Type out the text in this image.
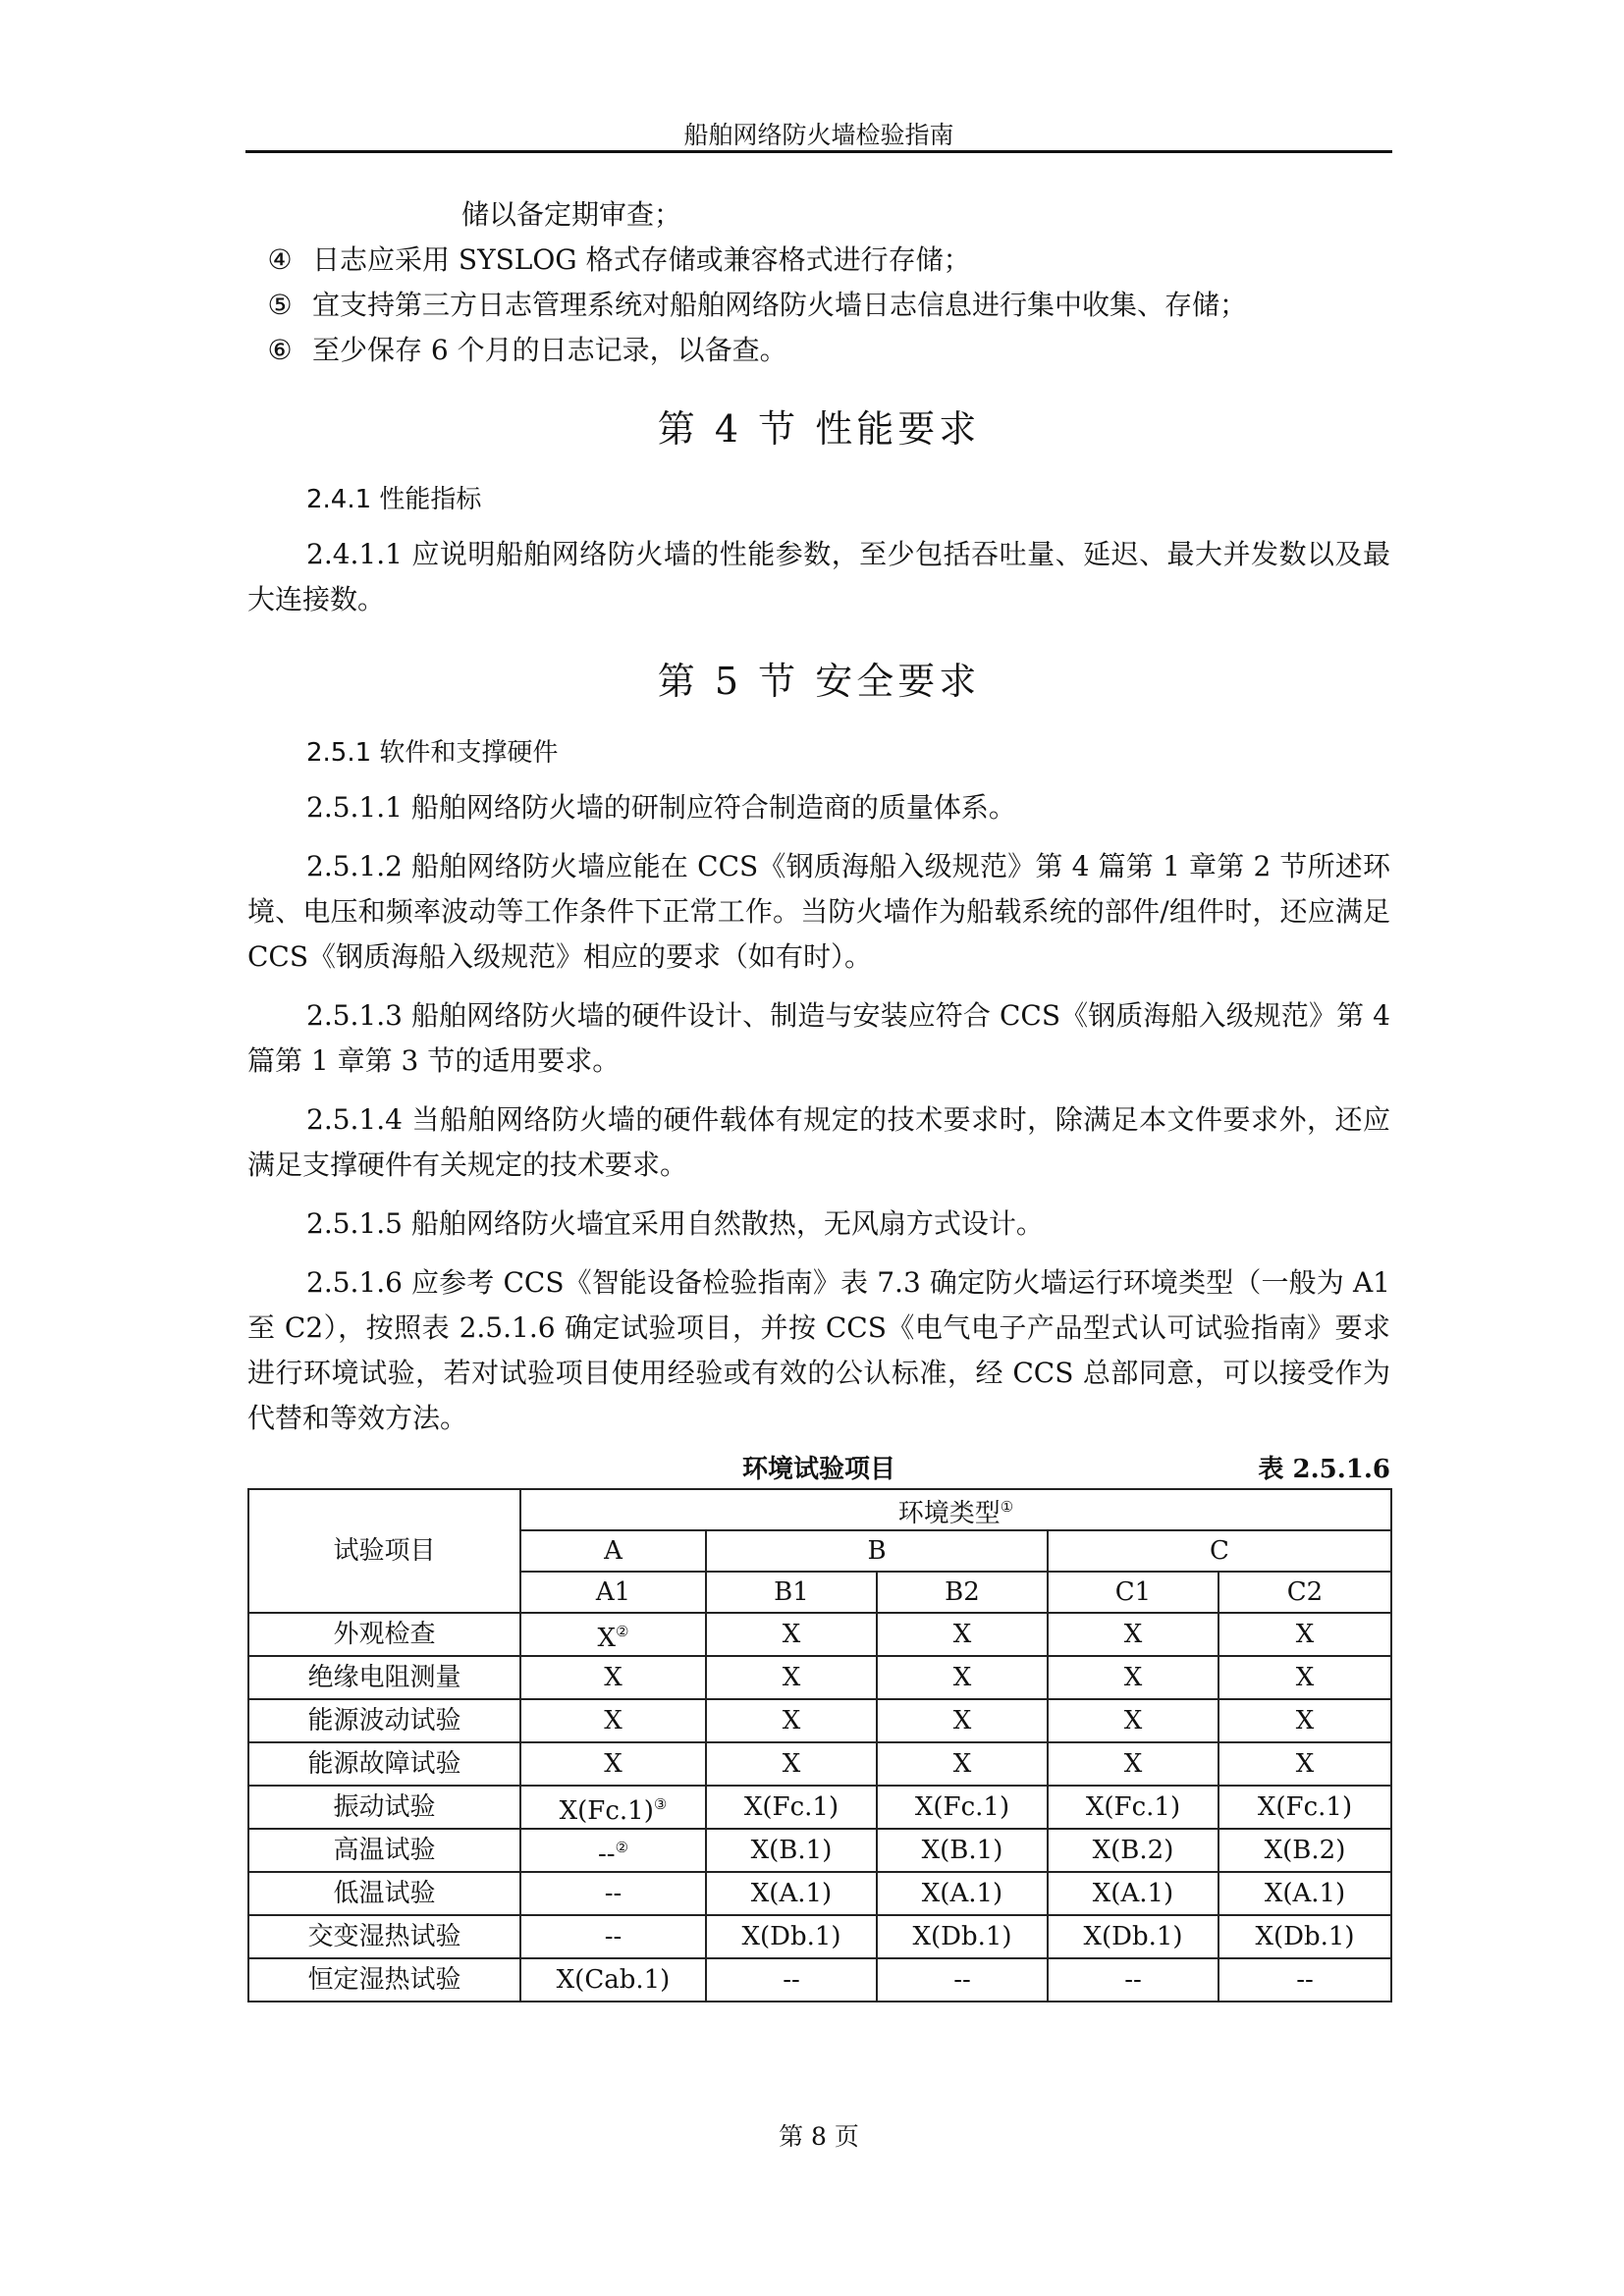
船舶网络防火墙检验指南
储以备定期审查；
④ 日志应采用 SYSLOG 格式存储或兼容格式进行存储；
⑤ 宜支持第三方日志管理系统对船舶网络防火墙日志信息进行集中收集、存储；
⑥ 至少保存 6 个月的日志记录，以备查。
第 4 节 性能要求
2.4.1 性能指标
2.4.1.1 应说明船舶网络防火墙的性能参数，至少包括吞吐量、延迟、最大并发数以及最大连接数。
第 5 节 安全要求
2.5.1 软件和支撑硬件
2.5.1.1 船舶网络防火墙的研制应符合制造商的质量体系。
2.5.1.2 船舶网络防火墙应能在 CCS《钢质海船入级规范》第 4 篇第 1 章第 2 节所述环境、电压和频率波动等工作条件下正常工作。当防火墙作为船载系统的部件/组件时，还应满足 CCS《钢质海船入级规范》相应的要求（如有时）。
2.5.1.3 船舶网络防火墙的硬件设计、制造与安装应符合 CCS《钢质海船入级规范》第 4 篇第 1 章第 3 节的适用要求。
2.5.1.4 当船舶网络防火墙的硬件载体有规定的技术要求时，除满足本文件要求外，还应满足支撑硬件有关规定的技术要求。
2.5.1.5 船舶网络防火墙宜采用自然散热，无风扇方式设计。
2.5.1.6 应参考 CCS《智能设备检验指南》表 7.3 确定防火墙运行环境类型（一般为 A1 至 C2），按照表 2.5.1.6 确定试验项目，并按 CCS《电气电子产品型式认可试验指南》要求进行环境试验，若对试验项目使用经验或有效的公认标准，经 CCS 总部同意，可以接受作为代替和等效方法。
环境试验项目	表 2.5.1.6
试验项目	环境类型①
	A	B		C	
	A1	B1	B2	C1	C2
外观检查	X②	X	X	X	X
绝缘电阻测量	X	X	X	X	X
能源波动试验	X	X	X	X	X
能源故障试验	X	X	X	X	X
振动试验	X(Fc.1)③	X(Fc.1)	X(Fc.1)	X(Fc.1)	X(Fc.1)
高温试验	--②	X(B.1)	X(B.1)	X(B.2)	X(B.2)
低温试验	--	X(A.1)	X(A.1)	X(A.1)	X(A.1)
交变湿热试验	--	X(Db.1)	X(Db.1)	X(Db.1)	X(Db.1)
恒定湿热试验	X(Cab.1)	--	--	--	--
第 8 页
